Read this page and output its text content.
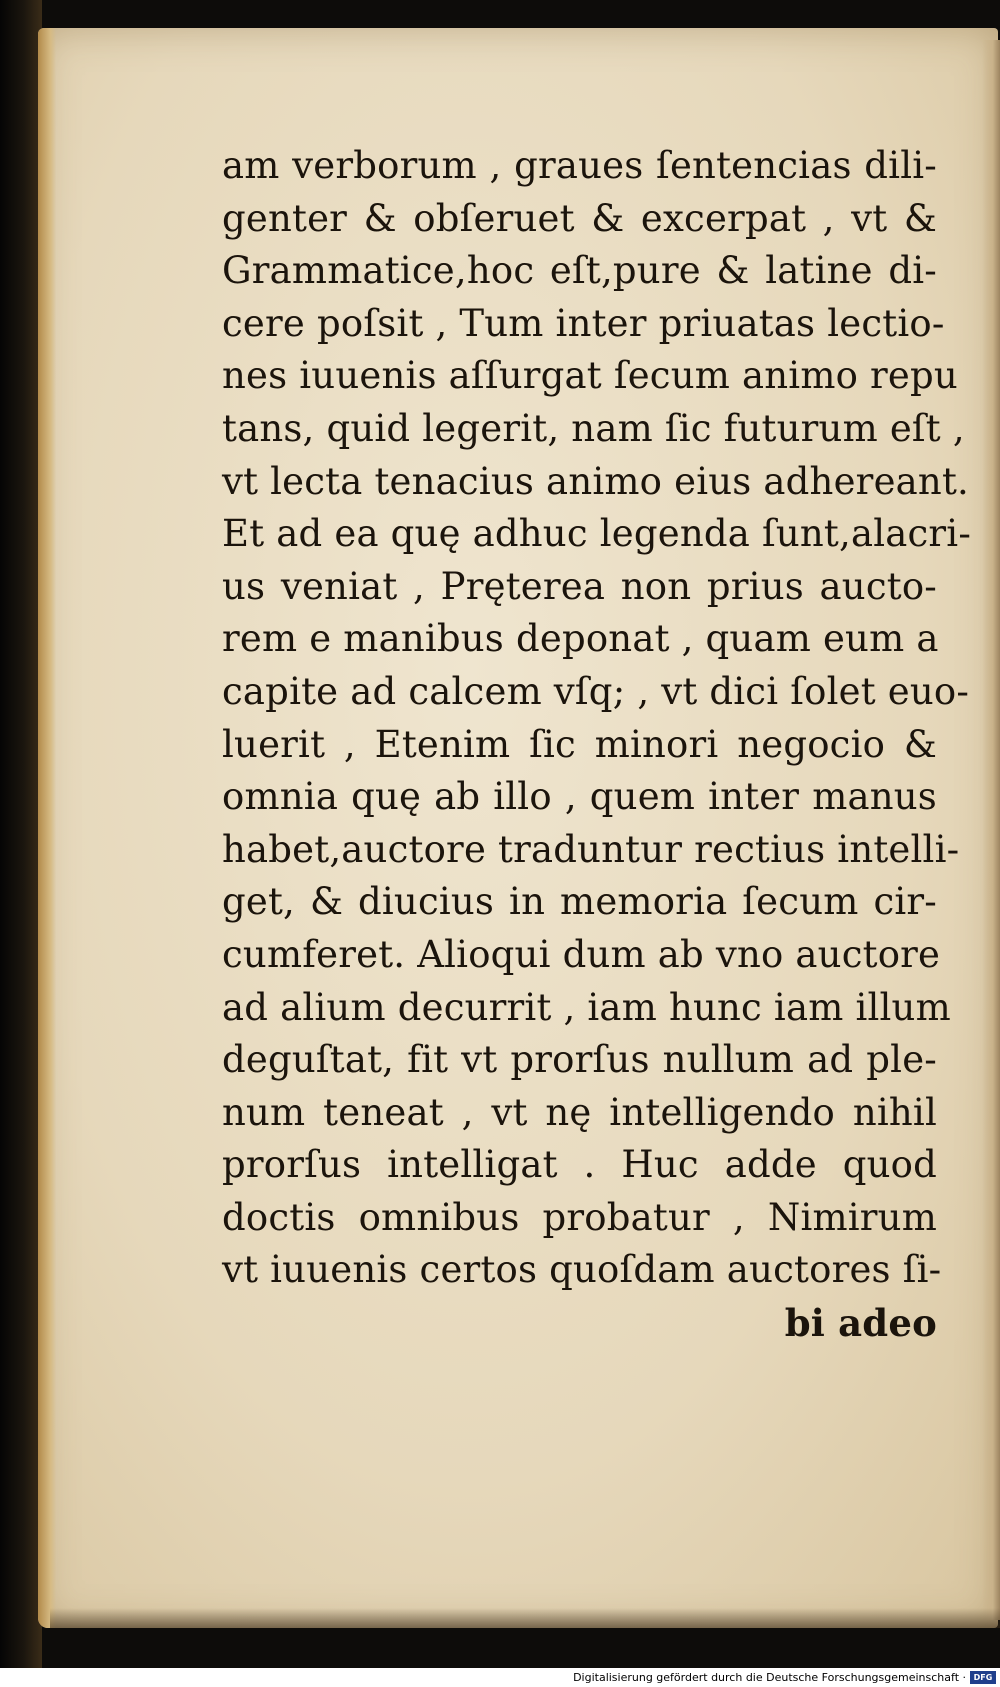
am verborum , graues ſentencias dili-
genter & obſeruet & excerpat , vt &
Grammatice,hoc eſt,pure & latine di-
cere poſsit , Tum inter priuatas lectio-
nes iuuenis aſſurgat ſecum animo repu
tans, quid legerit, nam ſic futurum eſt ,
vt lecta tenacius animo eius adhereant.
Et ad ea quę adhuc legenda ſunt,alacri-
us veniat , Pręterea non prius aucto-
rem e manibus deponat , quam eum a
capite ad calcem vſq; , vt dici ſolet euo-
luerit , Etenim ſic minori negocio &
omnia quę ab illo , quem inter manus
habet,auctore traduntur rectius intelli-
get, & diucius in memoria ſecum cir-
cumferet. Alioqui dum ab vno auctore
ad alium decurrit , iam hunc iam illum
deguſtat, fit vt prorſus nullum ad ple-
num teneat , vt nę intelligendo nihil
prorſus intelligat . Huc adde quod
doctis omnibus probatur , Nimirum
vt iuuenis certos quoſdam auctores ſi-
bi adeo
Digitalisierung gefördert durch die Deutsche Forschungsgemeinschaft · DFG
